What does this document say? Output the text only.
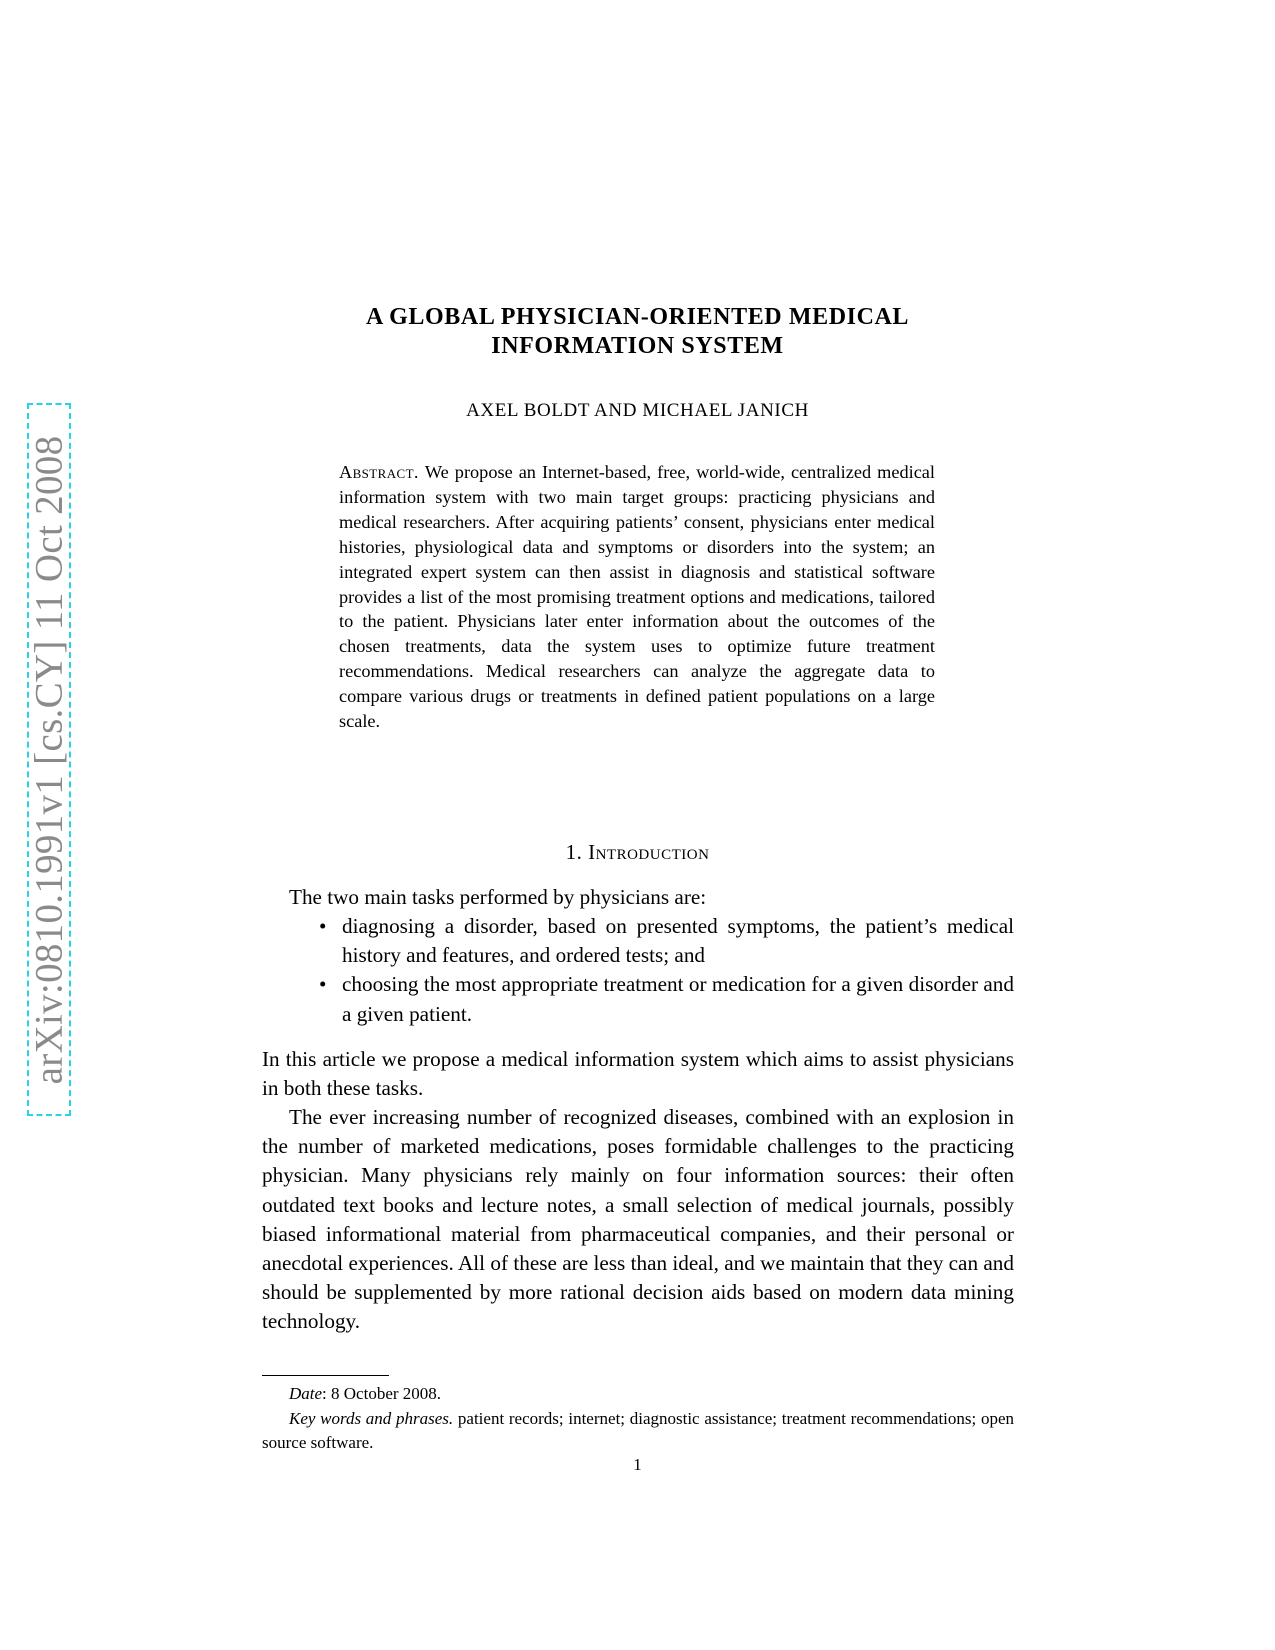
arXiv:0810.1991v1 [cs.CY] 11 Oct 2008
A GLOBAL PHYSICIAN-ORIENTED MEDICAL
INFORMATION SYSTEM
AXEL BOLDT AND MICHAEL JANICH
Abstract. We propose an Internet-based, free, world-wide, centralized medical information system with two main target groups: practicing physicians and medical researchers. After acquiring patients’ consent, physicians enter medical histories, physiological data and symptoms or disorders into the system; an integrated expert system can then assist in diagnosis and statistical software provides a list of the most promising treatment options and medications, tailored to the patient. Physicians later enter information about the outcomes of the chosen treatments, data the system uses to optimize future treatment recommendations. Medical researchers can analyze the aggregate data to compare various drugs or treatments in defined patient populations on a large scale.
1. Introduction
The two main tasks performed by physicians are:
• diagnosing a disorder, based on presented symptoms, the patient’s medical history and features, and ordered tests; and
• choosing the most appropriate treatment or medication for a given disorder and a given patient.
In this article we propose a medical information system which aims to assist physicians in both these tasks.
The ever increasing number of recognized diseases, combined with an explosion in the number of marketed medications, poses formidable challenges to the practicing physician. Many physicians rely mainly on four information sources: their often outdated text books and lecture notes, a small selection of medical journals, possibly biased informational material from pharmaceutical companies, and their personal or anecdotal experiences. All of these are less than ideal, and we maintain that they can and should be supplemented by more rational decision aids based on modern data mining technology.

Date: 8 October 2008.

Key words and phrases. patient records; internet; diagnostic assistance; treatment recommendations; open source software.

1
